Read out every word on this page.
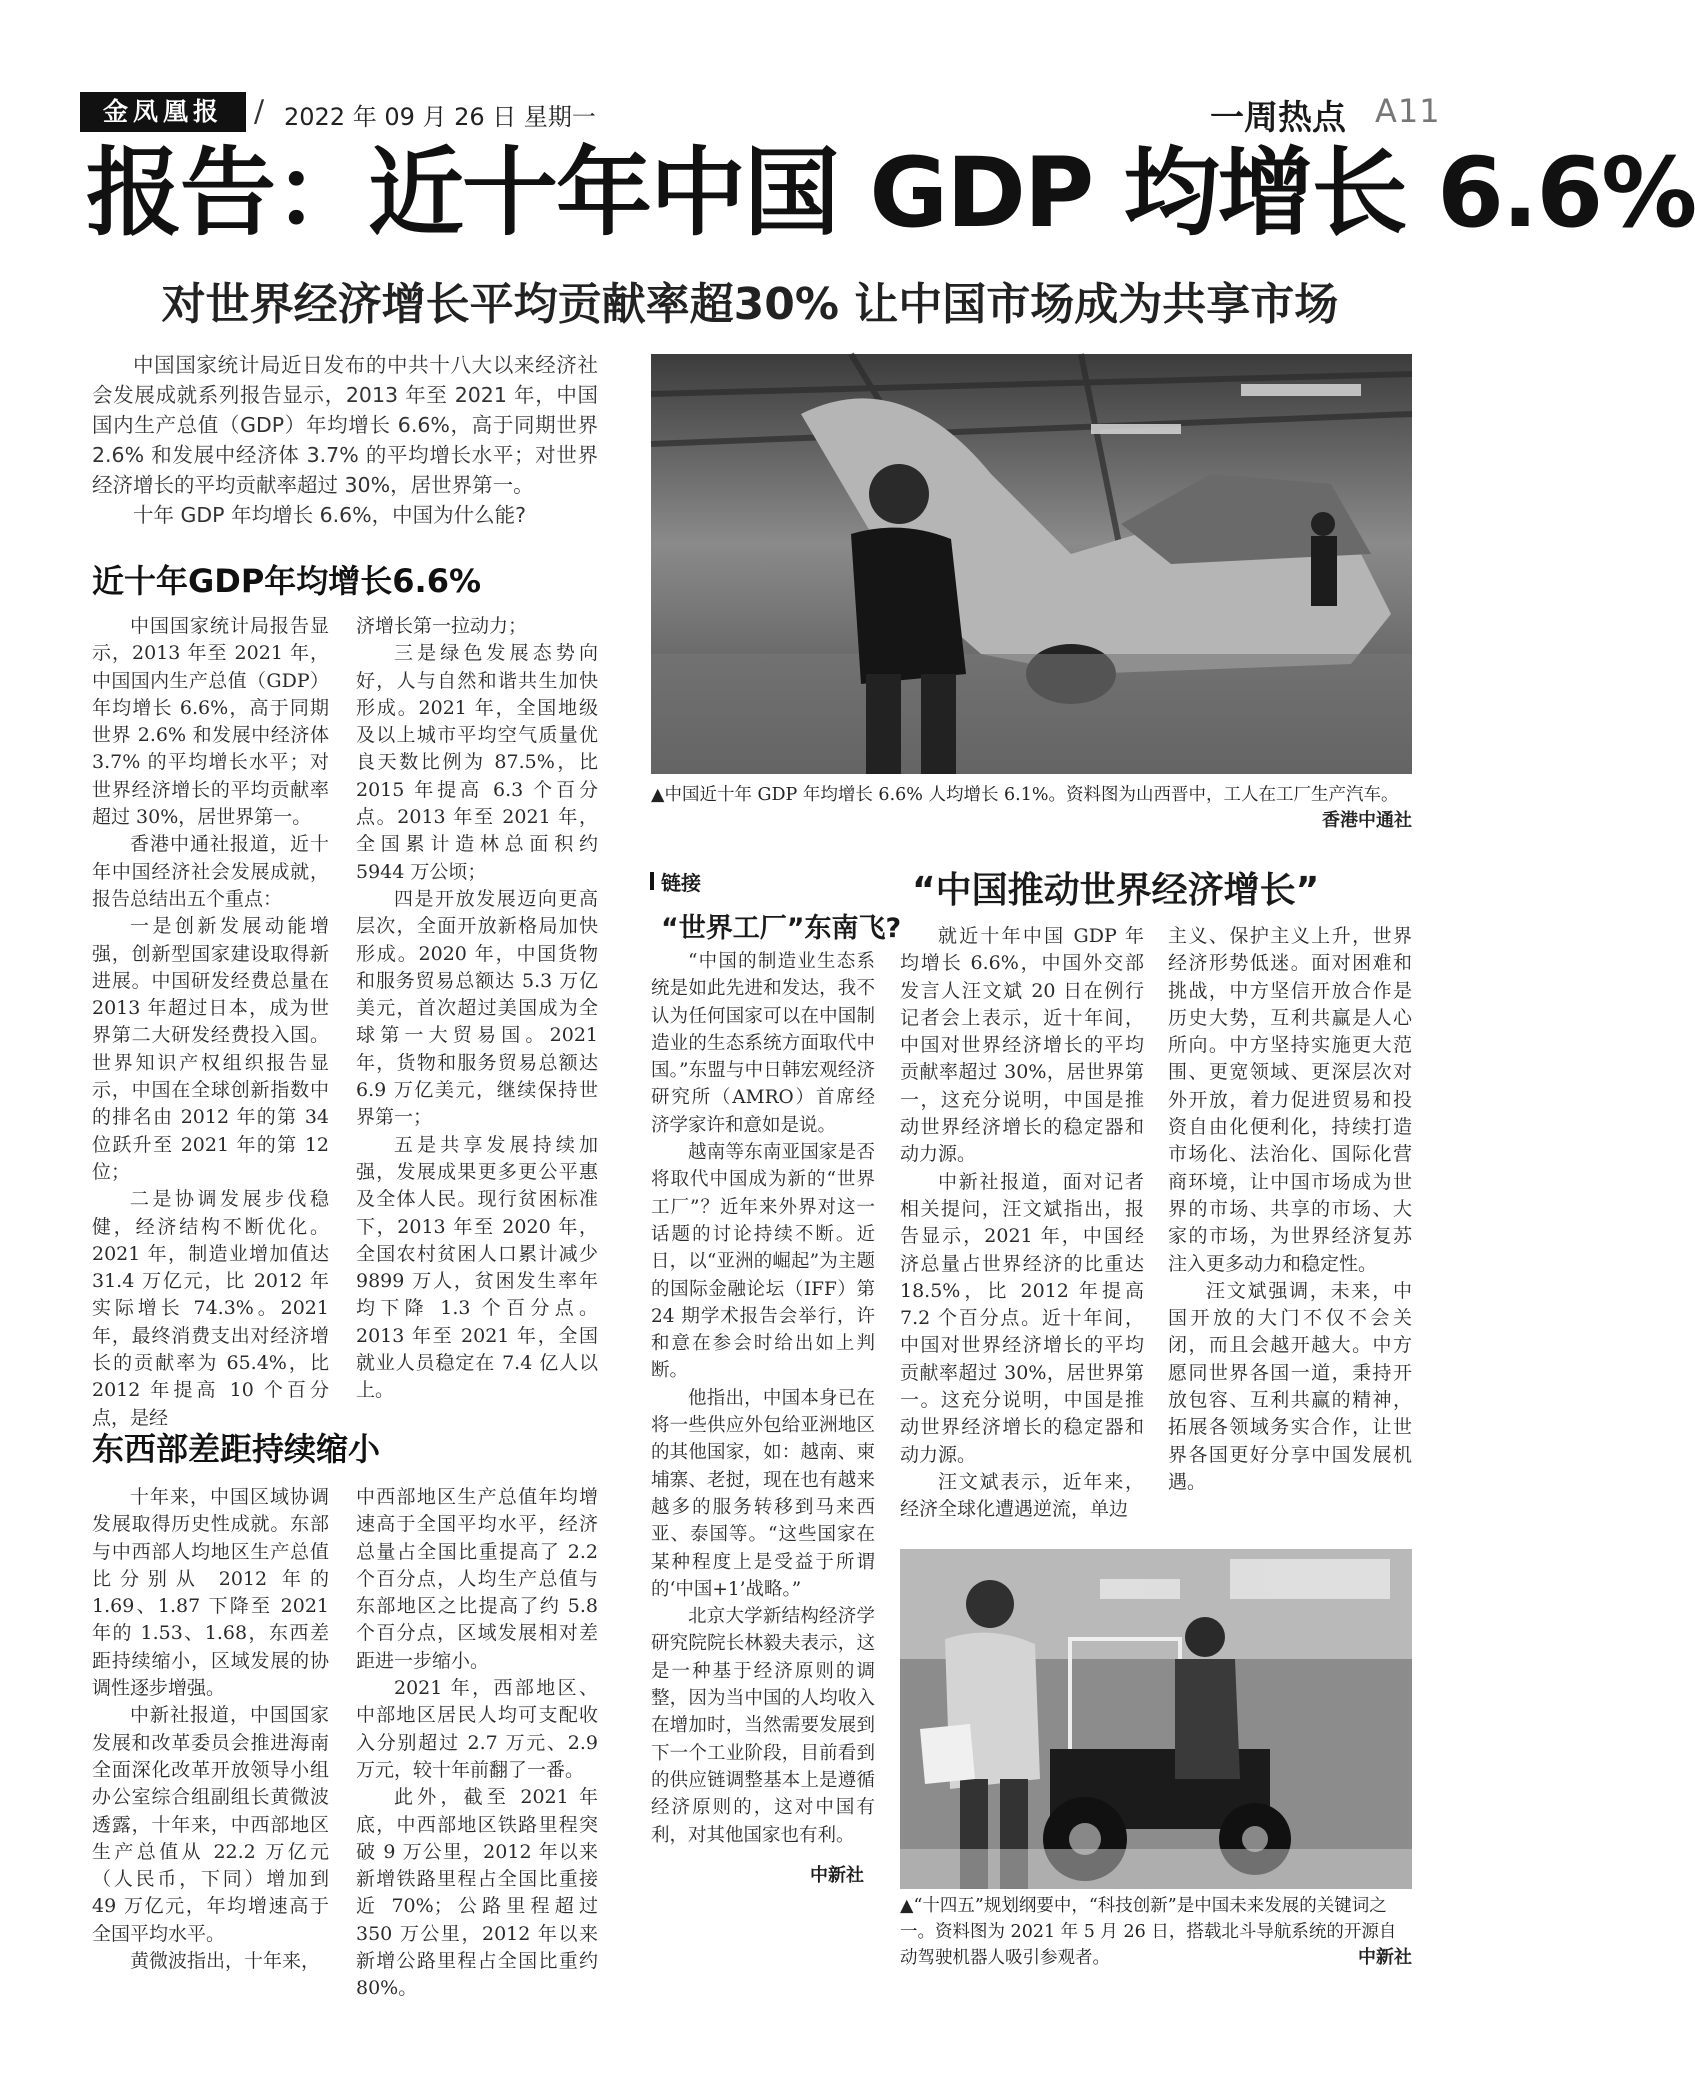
金凤凰报	/ 2022 年 09 月 26 日 星期一	一周热点 A11
报告：近十年中国 GDP 均增长 6.6%
对世界经济增长平均贡献率超30% 让中国市场成为共享市场

中国国家统计局近日发布的中共十八大以来经济社会发展成就系列报告显示，2013 年至 2021 年，中国国内生产总值（GDP）年均增长 6.6%，高于同期世界 2.6% 和发展中经济体 3.7% 的平均增长水平；对世界经济增长的平均贡献率超过 30%，居世界第一。

十年 GDP 年均增长 6.6%，中国为什么能?

近十年GDP年均增长6.6%

中国国家统计局报告显示，2013 年至 2021 年，中国国内生产总值（GDP）年均增长 6.6%，高于同期世界 2.6% 和发展中经济体 3.7% 的平均增长水平；对世界经济增长的平均贡献率超过 30%，居世界第一。

香港中通社报道，近十年中国经济社会发展成就，报告总结出五个重点：

一是创新发展动能增强，创新型国家建设取得新进展。中国研发经费总量在 2013 年超过日本，成为世界第二大研发经费投入国。世界知识产权组织报告显示，中国在全球创新指数中的排名由 2012 年的第 34 位跃升至 2021 年的第 12 位；

二是协调发展步伐稳健，经济结构不断优化。2021 年，制造业增加值达 31.4 万亿元，比 2012 年实际增长 74.3%。2021 年，最终消费支出对经济增长的贡献率为 65.4%，比 2012 年提高 10 个百分点，是经

济增长第一拉动力；

三是绿色发展态势向好，人与自然和谐共生加快形成。2021 年，全国地级及以上城市平均空气质量优良天数比例为 87.5%，比 2015 年提高 6.3 个百分点。2013 年至 2021 年，全国累计造林总面积约 5944 万公顷；

四是开放发展迈向更高层次，全面开放新格局加快形成。2020 年，中国货物和服务贸易总额达 5.3 万亿美元，首次超过美国成为全球第一大贸易国。2021 年，货物和服务贸易总额达 6.9 万亿美元，继续保持世界第一；

五是共享发展持续加强，发展成果更多更公平惠及全体人民。现行贫困标准下，2013 年至 2020 年，全国农村贫困人口累计减少 9899 万人，贫困发生率年均下降 1.3 个百分点。2013 年至 2021 年，全国就业人员稳定在 7.4 亿人以上。

东西部差距持续缩小

十年来，中国区域协调发展取得历史性成就。东部与中西部人均地区生产总值比分别从 2012 年的 1.69、1.87 下降至 2021 年的 1.53、1.68，东西差距持续缩小，区域发展的协调性逐步增强。

中新社报道，中国国家发展和改革委员会推进海南全面深化改革开放领导小组办公室综合组副组长黄微波透露，十年来，中西部地区生产总值从 22.2 万亿元（人民币，下同）增加到 49 万亿元，年均增速高于全国平均水平。

黄微波指出，十年来，

中西部地区生产总值年均增速高于全国平均水平，经济总量占全国比重提高了 2.2 个百分点，人均生产总值与东部地区之比提高了约 5.8 个百分点，区域发展相对差距进一步缩小。

2021 年，西部地区、中部地区居民人均可支配收入分别超过 2.7 万元、2.9 万元，较十年前翻了一番。

此外，截至 2021 年底，中西部地区铁路里程突破 9 万公里，2012 年以来新增铁路里程占全国比重接近 70%；公路里程超过 350 万公里，2012 年以来新增公路里程占全国比重约 80%。

▲中国近十年 GDP 年均增长 6.6% 人均增长 6.1%。资料图为山西晋中，工人在工厂生产汽车。
香港中通社
链接
“世界工厂”东南飞?

“中国的制造业生态系统是如此先进和发达，我不认为任何国家可以在中国制造业的生态系统方面取代中国。”东盟与中日韩宏观经济研究所（AMRO）首席经济学家许和意如是说。

越南等东南亚国家是否将取代中国成为新的“世界工厂”？近年来外界对这一话题的讨论持续不断。近日，以“亚洲的崛起”为主题的国际金融论坛（IFF）第 24 期学术报告会举行，许和意在参会时给出如上判断。

他指出，中国本身已在将一些供应外包给亚洲地区的其他国家，如：越南、柬埔寨、老挝，现在也有越来越多的服务转移到马来西亚、泰国等。“这些国家在某种程度上是受益于所谓的‘中国+1’战略。”

北京大学新结构经济学研究院院长林毅夫表示，这是一种基于经济原则的调整，因为当中国的人均收入在增加时，当然需要发展到下一个工业阶段，目前看到的供应链调整基本上是遵循经济原则的，这对中国有利，对其他国家也有利。

中新社
“中国推动世界经济增长”

就近十年中国 GDP 年均增长 6.6%，中国外交部发言人汪文斌 20 日在例行记者会上表示，近十年间，中国对世界经济增长的平均贡献率超过 30%，居世界第一，这充分说明，中国是推动世界经济增长的稳定器和动力源。

中新社报道，面对记者相关提问，汪文斌指出，报告显示，2021 年，中国经济总量占世界经济的比重达 18.5%，比 2012 年提高 7.2 个百分点。近十年间，中国对世界经济增长的平均贡献率超过 30%，居世界第一。这充分说明，中国是推动世界经济增长的稳定器和动力源。

汪文斌表示，近年来，经济全球化遭遇逆流，单边

主义、保护主义上升，世界经济形势低迷。面对困难和挑战，中方坚信开放合作是历史大势，互利共赢是人心所向。中方坚持实施更大范围、更宽领域、更深层次对外开放，着力促进贸易和投资自由化便利化，持续打造市场化、法治化、国际化营商环境，让中国市场成为世界的市场、共享的市场、大家的市场，为世界经济复苏注入更多动力和稳定性。

汪文斌强调，未来，中国开放的大门不仅不会关闭，而且会越开越大。中方愿同世界各国一道，秉持开放包容、互利共赢的精神，拓展各领域务实合作，让世界各国更好分享中国发展机遇。

▲“十四五”规划纲要中，“科技创新”是中国未来发展的关键词之一。资料图为 2021 年 5 月 26 日，搭载北斗导航系统的开源自动驾驶机器人吸引参观者。	中新社
